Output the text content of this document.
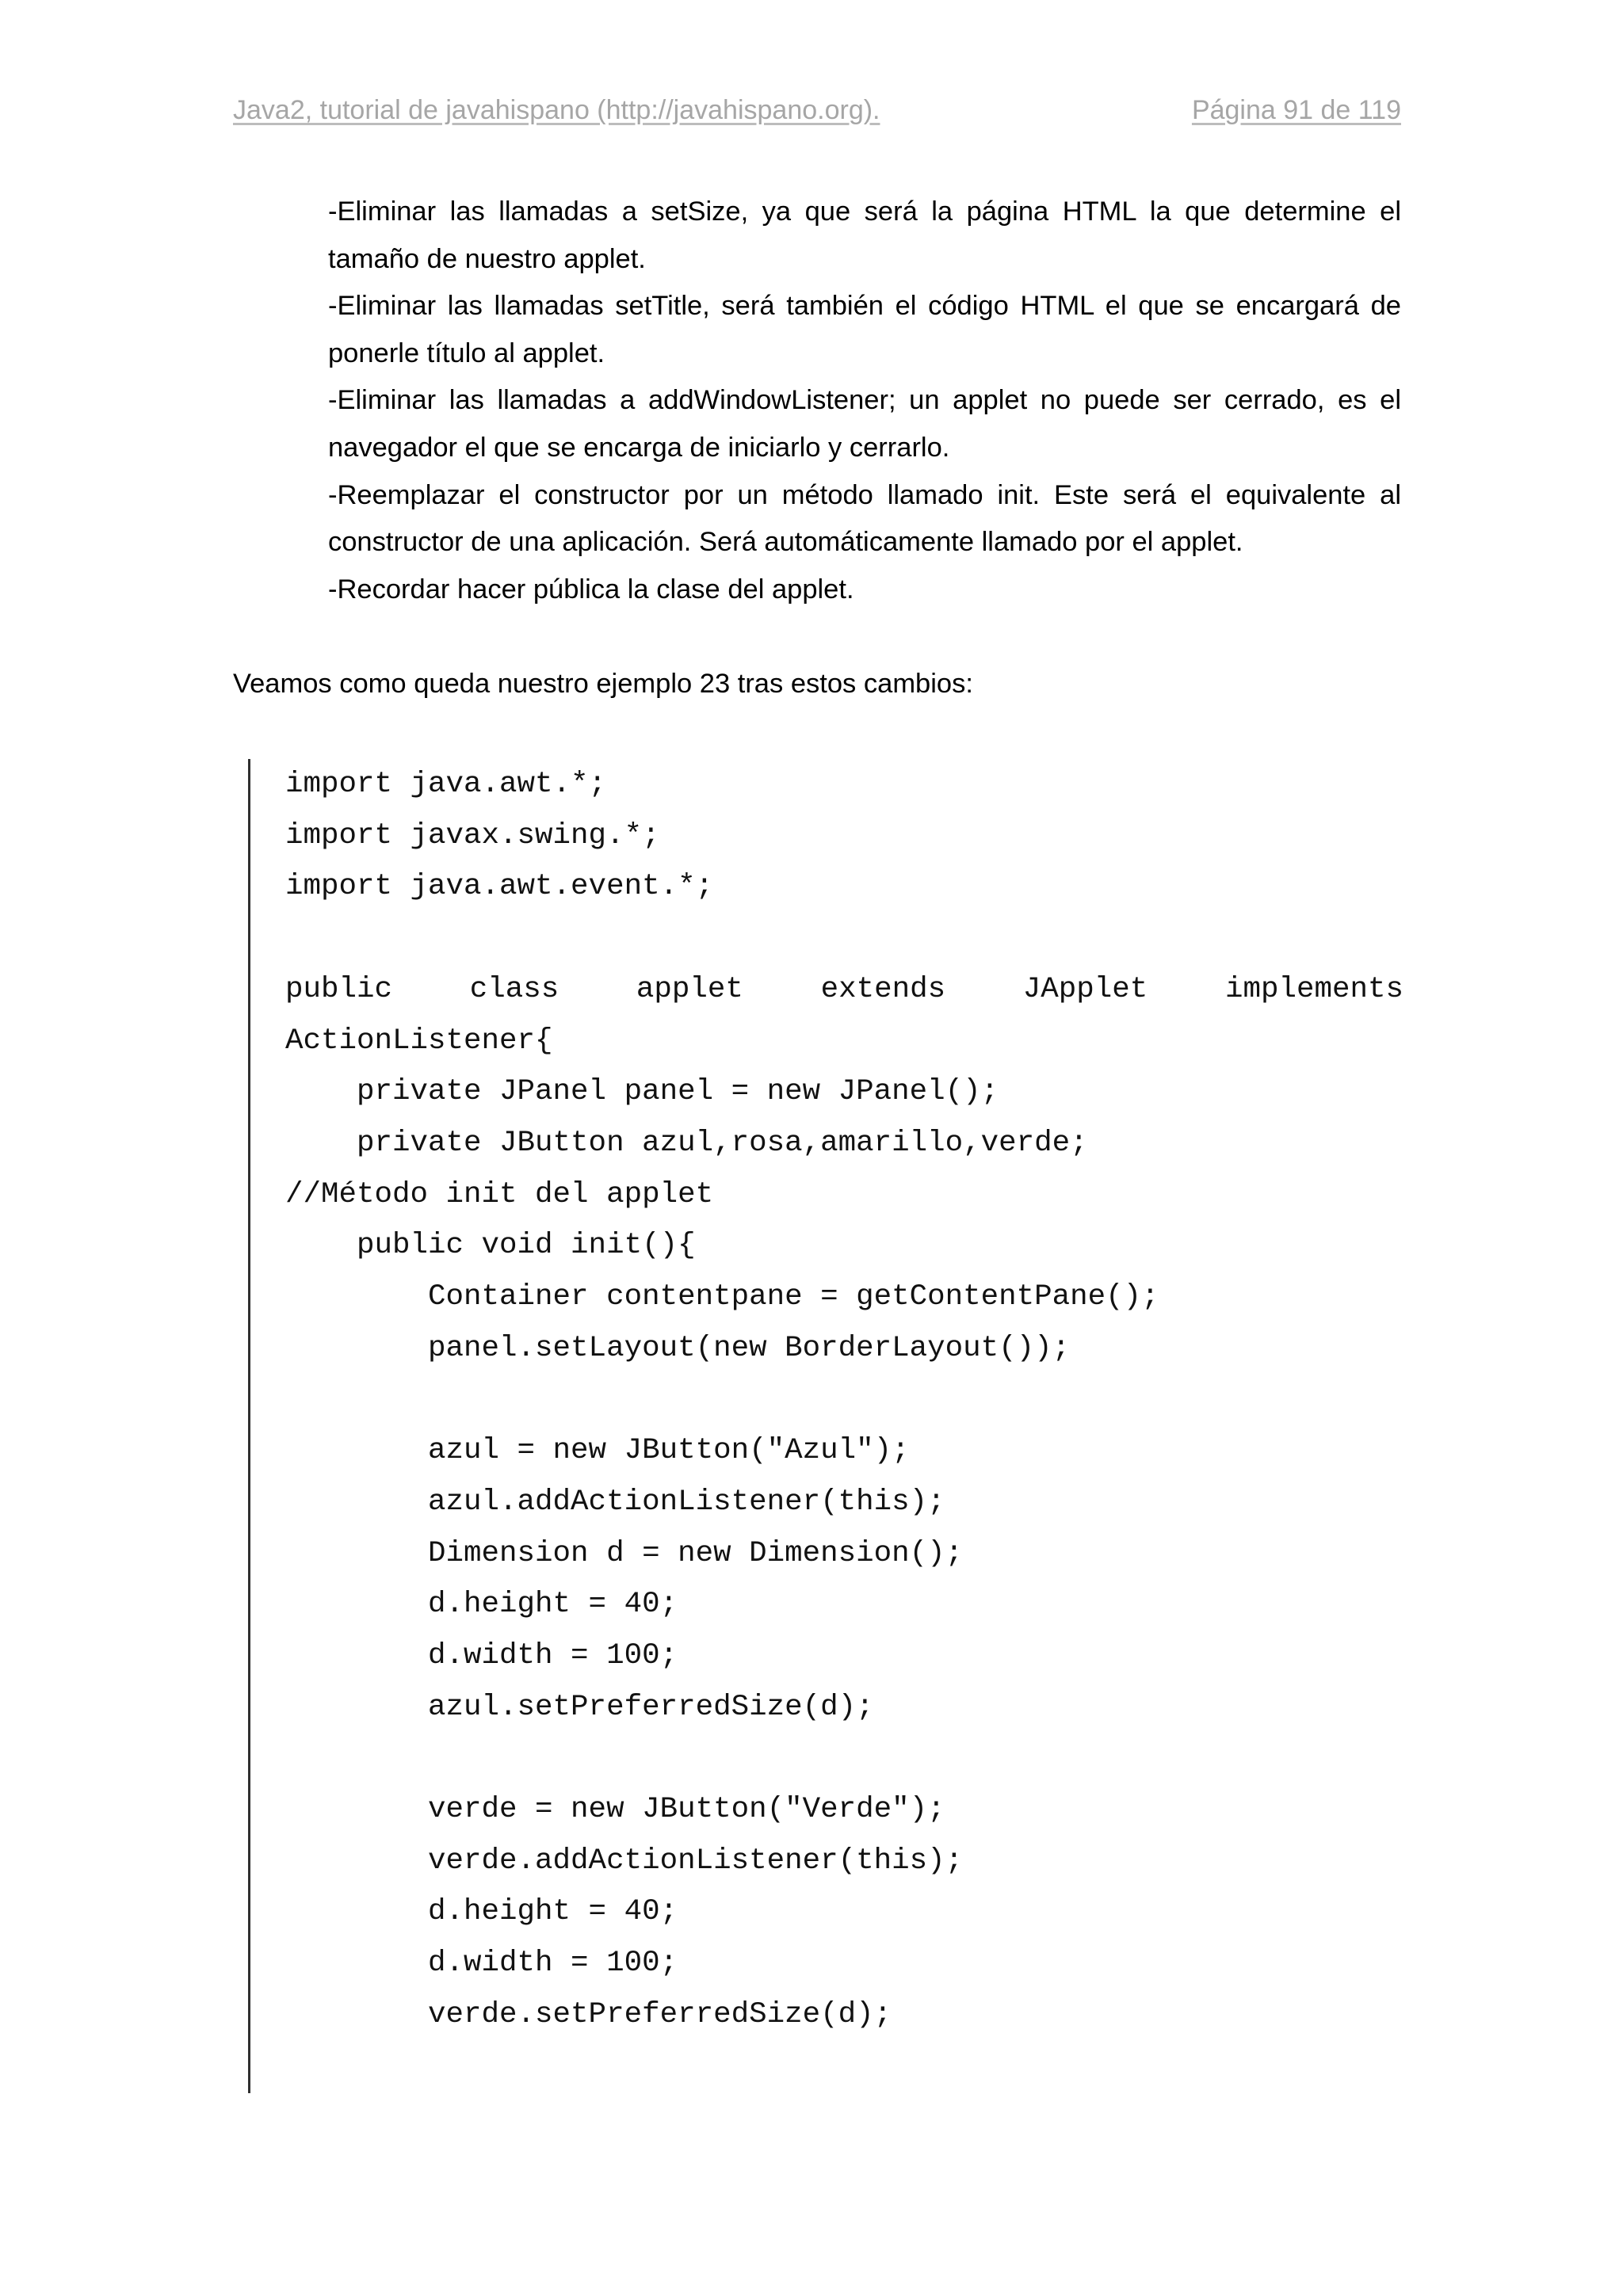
Java2, tutorial de javahispano (http://javahispano.org).	Página 91 de 119

-Eliminar las llamadas a setSize, ya que será la página HTML la que determine el tamaño de nuestro applet.

-Eliminar las llamadas setTitle, será también el código HTML el que se encargará de ponerle título al applet.

-Eliminar las llamadas a addWindowListener; un applet no puede ser cerrado, es el navegador el que se encarga de iniciarlo y cerrarlo.

-Reemplazar el constructor por un método llamado init. Este será el equivalente al constructor de una aplicación. Será automáticamente llamado por el applet.

-Recordar hacer pública la clase del applet.

Veamos como queda nuestro ejemplo 23 tras estos cambios:

import java.awt.*;
import javax.swing.*;
import java.awt.event.*;
public	class	applet	extends	JApplet	implements
ActionListener{
private JPanel panel = new JPanel();
private JButton azul,rosa,amarillo,verde;
//Método init del applet
public void init(){
Container contentpane = getContentPane();
panel.setLayout(new BorderLayout());
azul = new JButton("Azul");
azul.addActionListener(this);
Dimension d = new Dimension();
d.height = 40;
d.width = 100;
azul.setPreferredSize(d);
verde = new JButton("Verde");
verde.addActionListener(this);
d.height = 40;
d.width = 100;
verde.setPreferredSize(d);
